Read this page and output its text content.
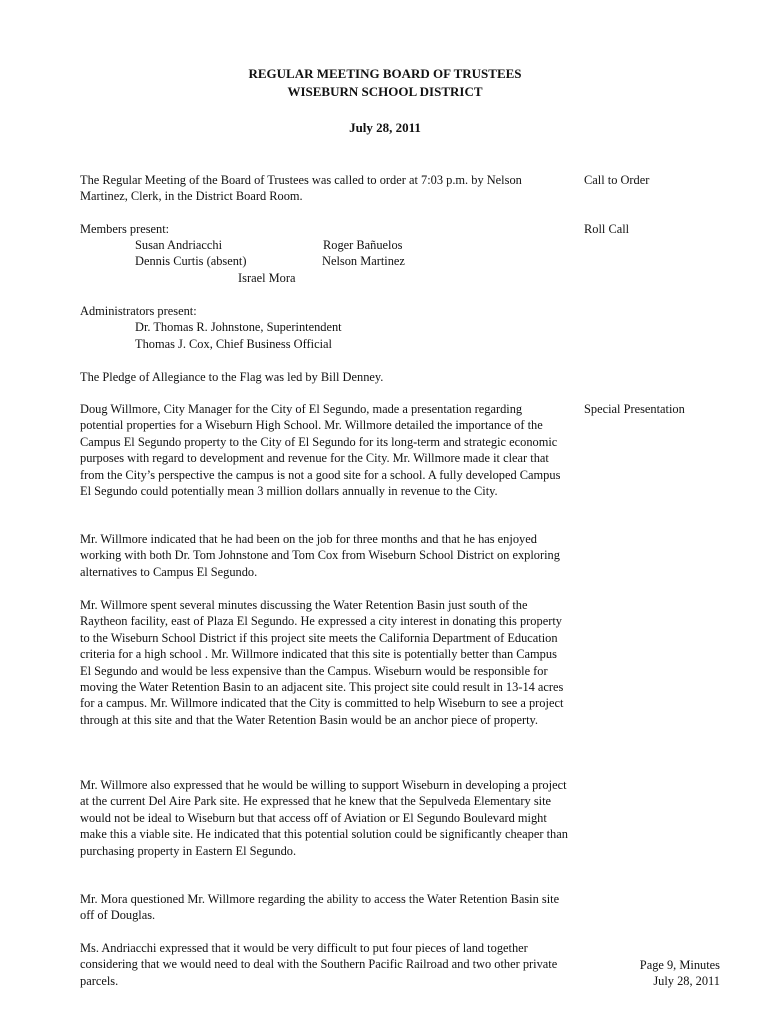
REGULAR MEETING BOARD OF TRUSTEES
WISEBURN SCHOOL DISTRICT
July 28, 2011

The Regular Meeting of the Board of Trustees was called to order at 7:03 p.m. by Nelson Martinez, Clerk, in the District Board Room.

Call to Order
Members present:	Roll Call
Susan Andriacchi	Roger Bañuelos
Dennis Curtis (absent)	Nelson Martinez
Israel Mora
Administrators present:
Dr. Thomas R. Johnstone, Superintendent
Thomas J. Cox, Chief Business Official
The Pledge of Allegiance to the Flag was led by Bill Denney.
Special Presentation

Doug Willmore, City Manager for the City of El Segundo, made a presentation regarding potential properties for a Wiseburn High School. Mr. Willmore detailed the importance of the Campus El Segundo property to the City of El Segundo for its long-term and strategic economic purposes with regard to development and revenue for the City. Mr. Willmore made it clear that from the City’s perspective the campus is not a good site for a school. A fully developed Campus El Segundo could potentially mean 3 million dollars annually in revenue to the City.

Mr. Willmore indicated that he had been on the job for three months and that he has enjoyed working with both Dr. Tom Johnstone and Tom Cox from Wiseburn School District on exploring alternatives to Campus El Segundo.

Mr. Willmore spent several minutes discussing the Water Retention Basin just south of the Raytheon facility, east of Plaza El Segundo. He expressed a city interest in donating this property to the Wiseburn School District if this project site meets the California Department of Education criteria for a high school . Mr. Willmore indicated that this site is potentially better than Campus El Segundo and would be less expensive than the Campus. Wiseburn would be responsible for moving the Water Retention Basin to an adjacent site. This project site could result in 13-14 acres for a campus. Mr. Willmore indicated that the City is committed to help Wiseburn to see a project through at this site and that the Water Retention Basin would be an anchor piece of property.

Mr. Willmore also expressed that he would be willing to support Wiseburn in developing a project at the current Del Aire Park site. He expressed that he knew that the Sepulveda Elementary site would not be ideal to Wiseburn but that access off of Aviation or El Segundo Boulevard might make this a viable site. He indicated that this potential solution could be significantly cheaper than purchasing property in Eastern El Segundo.

Mr. Mora questioned Mr. Willmore regarding the ability to access the Water Retention Basin site off of Douglas.

Ms. Andriacchi expressed that it would be very difficult to put four pieces of land together considering that we would need to deal with the Southern Pacific Railroad and two other private parcels.

Page 9, Minutes
July 28, 2011
